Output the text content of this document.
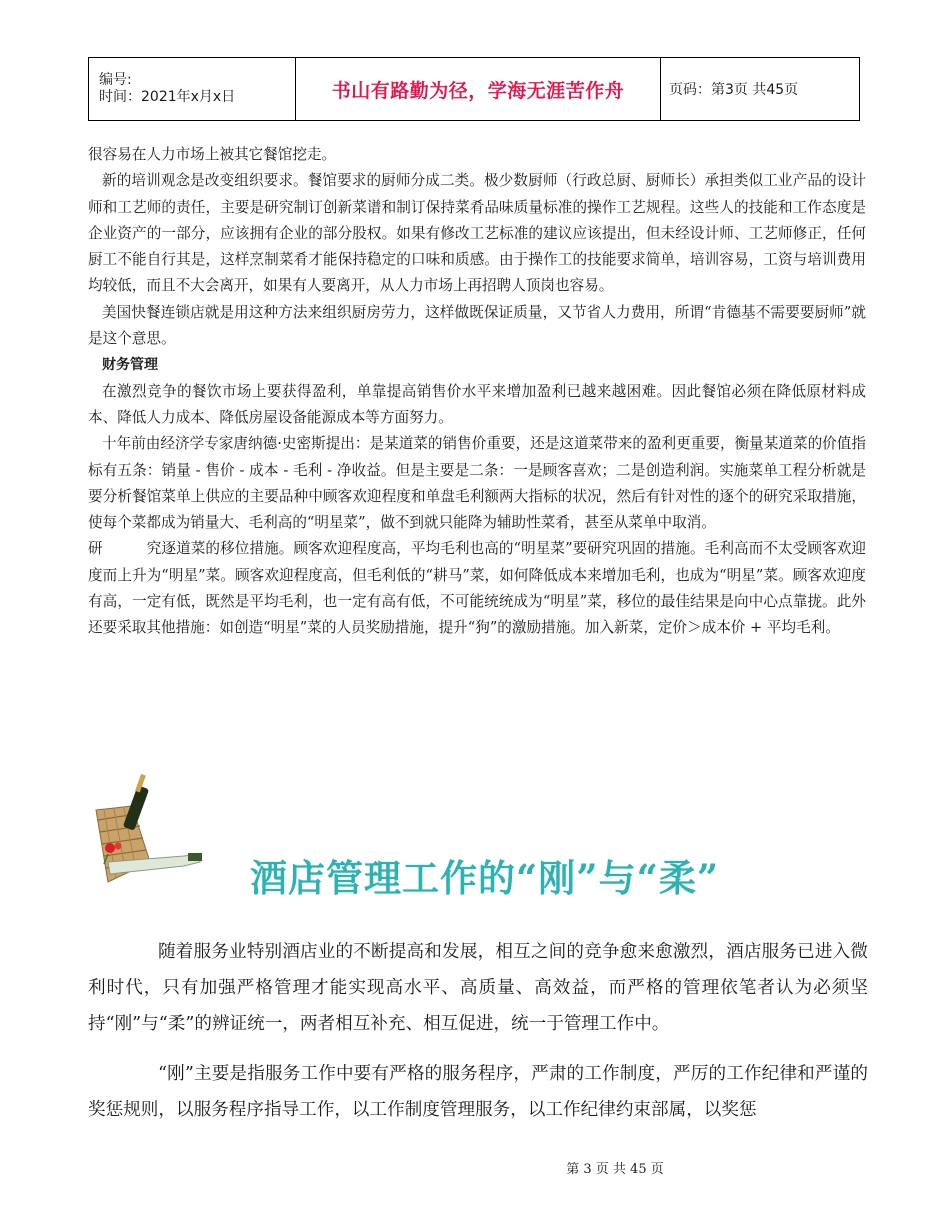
编号:
时间：2021年x月x日	书山有路勤为径，学海无涯苦作舟	页码：第3页 共45页

很容易在人力市场上被其它餐馆挖走。

新的培训观念是改变组织要求。餐馆要求的厨师分成二类。极少数厨师（行政总厨、厨师长）承担类似工业产品的设计师和工艺师的责任，主要是研究制订创新菜谱和制订保持菜肴品味质量标准的操作工艺规程。这些人的技能和工作态度是企业资产的一部分，应该拥有企业的部分股权。如果有修改工艺标准的建议应该提出，但未经设计师、工艺师修正，任何厨工不能自行其是，这样烹制菜肴才能保持稳定的口味和质感。由于操作工的技能要求简单，培训容易，工资与培训费用均较低，而且不大会离开，如果有人要离开，从人力市场上再招聘人顶岗也容易。

美国快餐连锁店就是用这种方法来组织厨房劳力，这样做既保证质量，又节省人力费用，所谓“肯德基不需要要厨师”就是这个意思。

财务管理

在激烈竞争的餐饮市场上要获得盈利，单靠提高销售价水平来增加盈利已越来越困难。因此餐馆必须在降低原材料成本、降低人力成本、降低房屋设备能源成本等方面努力。

十年前由经济学专家唐纳德·史密斯提出：是某道菜的销售价重要，还是这道菜带来的盈利更重要，衡量某道菜的价值指标有五条：销量 - 售价 - 成本 - 毛利 - 净收益。但是主要是二条：一是顾客喜欢；二是创造利润。实施菜单工程分析就是要分析餐馆菜单上供应的主要品种中顾客欢迎程度和单盘毛利额两大指标的状况，然后有针对性的逐个的研究采取措施，使每个菜都成为销量大、毛利高的“明星菜”，做不到就只能降为辅助性菜肴，甚至从菜单中取消。

研	究逐道菜的移位措施。顾客欢迎程度高，平均毛利也高的“明星菜”要研究巩固的措施。毛利高而不太受顾客欢迎度而上升为“明星”菜。顾客欢迎程度高，但毛利低的“耕马”菜，如何降低成本来增加毛利，也成为“明星”菜。顾客欢迎度有高，一定有低，既然是平均毛利，也一定有高有低，不可能统统成为“明星”菜，移位的最佳结果是向中心点靠拢。此外还要采取其他措施：如创造“明星”菜的人员奖励措施，提升“狗”的激励措施。加入新菜，定价＞成本价 + 平均毛利。

酒店管理工作的“刚”与“柔”

随着服务业特别酒店业的不断提高和发展，相互之间的竞争愈来愈激烈，酒店服务已进入微利时代，只有加强严格管理才能实现高水平、高质量、高效益，而严格的管理依笔者认为必须坚持“刚”与“柔”的辨证统一，两者相互补充、相互促进，统一于管理工作中。

“刚”主要是指服务工作中要有严格的服务程序，严肃的工作制度，严厉的工作纪律和严谨的奖惩规则，以服务程序指导工作，以工作制度管理服务，以工作纪律约束部属，以奖惩

第 3 页 共 45 页
